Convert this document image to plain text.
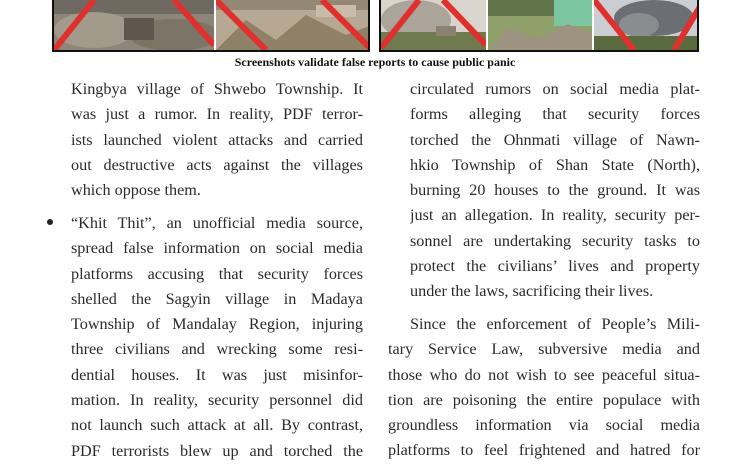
Screenshots validate false reports to cause public panic
Kingbya village of Shwebo Township. It
was just a rumor. In reality, PDF terror-
ists launched violent attacks and carried
out destructive acts against the villages
which oppose them.
“Khit Thit”, an unofficial media source,
spread false information on social media
platforms accusing that security forces
shelled the Sagyin village in Madaya
Township of Mandalay Region, injuring
three civilians and wrecking some resi-
dential houses. It was just misinfor-
mation. In reality, security personnel did
not launch such attack at all. By contrast,
PDF terrorists blew up and torched the
circulated rumors on social media plat-
forms alleging that security forces
torched the Ohnmati village of Nawn-
hkio Township of Shan State (North),
burning 20 houses to the ground. It was
just an allegation. In reality, security per-
sonnel are undertaking security tasks to
protect the civilians’ lives and property
under the laws, sacrificing their lives.
Since the enforcement of People’s Mili-
tary Service Law, subversive media and
those who do not wish to see peaceful situa-
tion are poisoning the entire populace with
groundless information via social media
platforms to feel frightened and hatred for
